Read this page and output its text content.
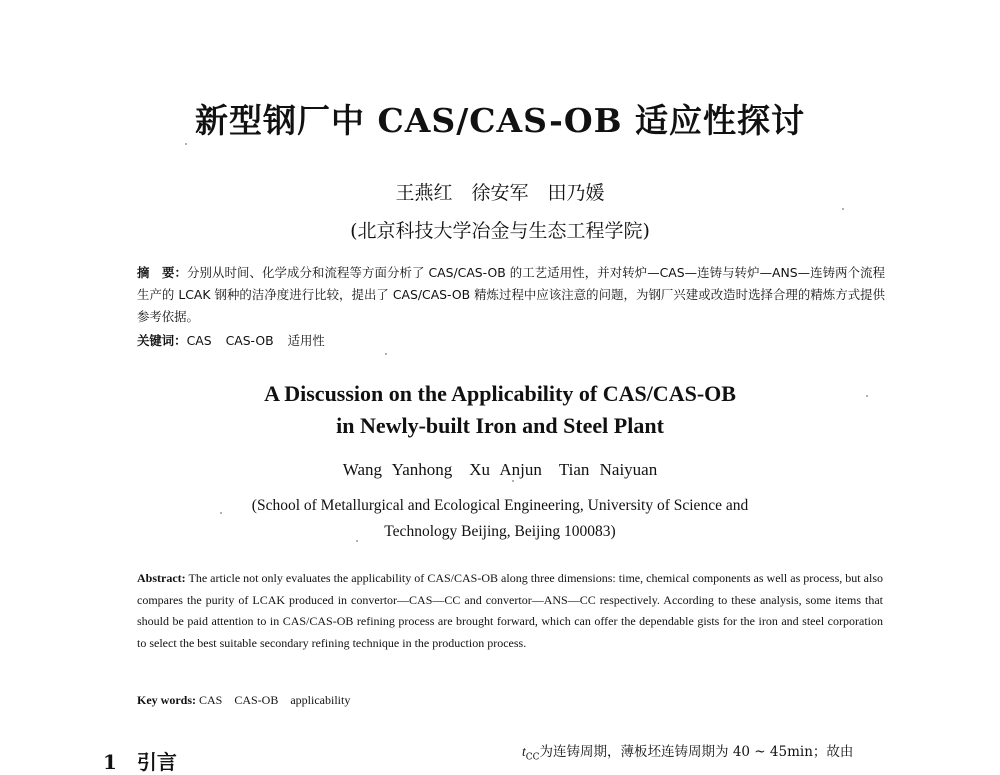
新型钢厂中 CAS/CAS-OB 适应性探讨
王燕红　徐安军　田乃媛
(北京科技大学冶金与生态工程学院)
摘　要：分别从时间、化学成分和流程等方面分析了 CAS/CAS-OB 的工艺适用性，并对转炉—CAS—连铸与转炉—ANS—连铸两个流程生产的 LCAK 钢种的洁净度进行比较，提出了 CAS/CAS-OB 精炼过程中应该注意的问题，为钢厂兴建或改造时选择合理的精炼方式提供参考依据。
关键词：CAS CAS-OB 适用性
A Discussion on the Applicability of CAS/CAS-OB
in Newly-built Iron and Steel Plant
Wang Yanhong　Xu Anjun　Tian Naiyuan
(School of Metallurgical and Ecological Engineering, University of Science and
Technology Beijing, Beijing 100083)
Abstract: The article not only evaluates the applicability of CAS/CAS-OB along three dimensions: time, chemical components as well as process, but also compares the purity of LCAK produced in convertor—CAS—CC and convertor—ANS—CC respectively. According to these analysis, some items that should be paid attention to in CAS/CAS-OB refining process are brought forward, which can offer the dependable gists for the iron and steel corporation to select the best suitable secondary refining technique in the production process.
Key words: CAS CAS-OB applicability
1　引言	$t_{CC}$为连铸周期，薄板坯连铸周期为 40 ~ 45min；故由
